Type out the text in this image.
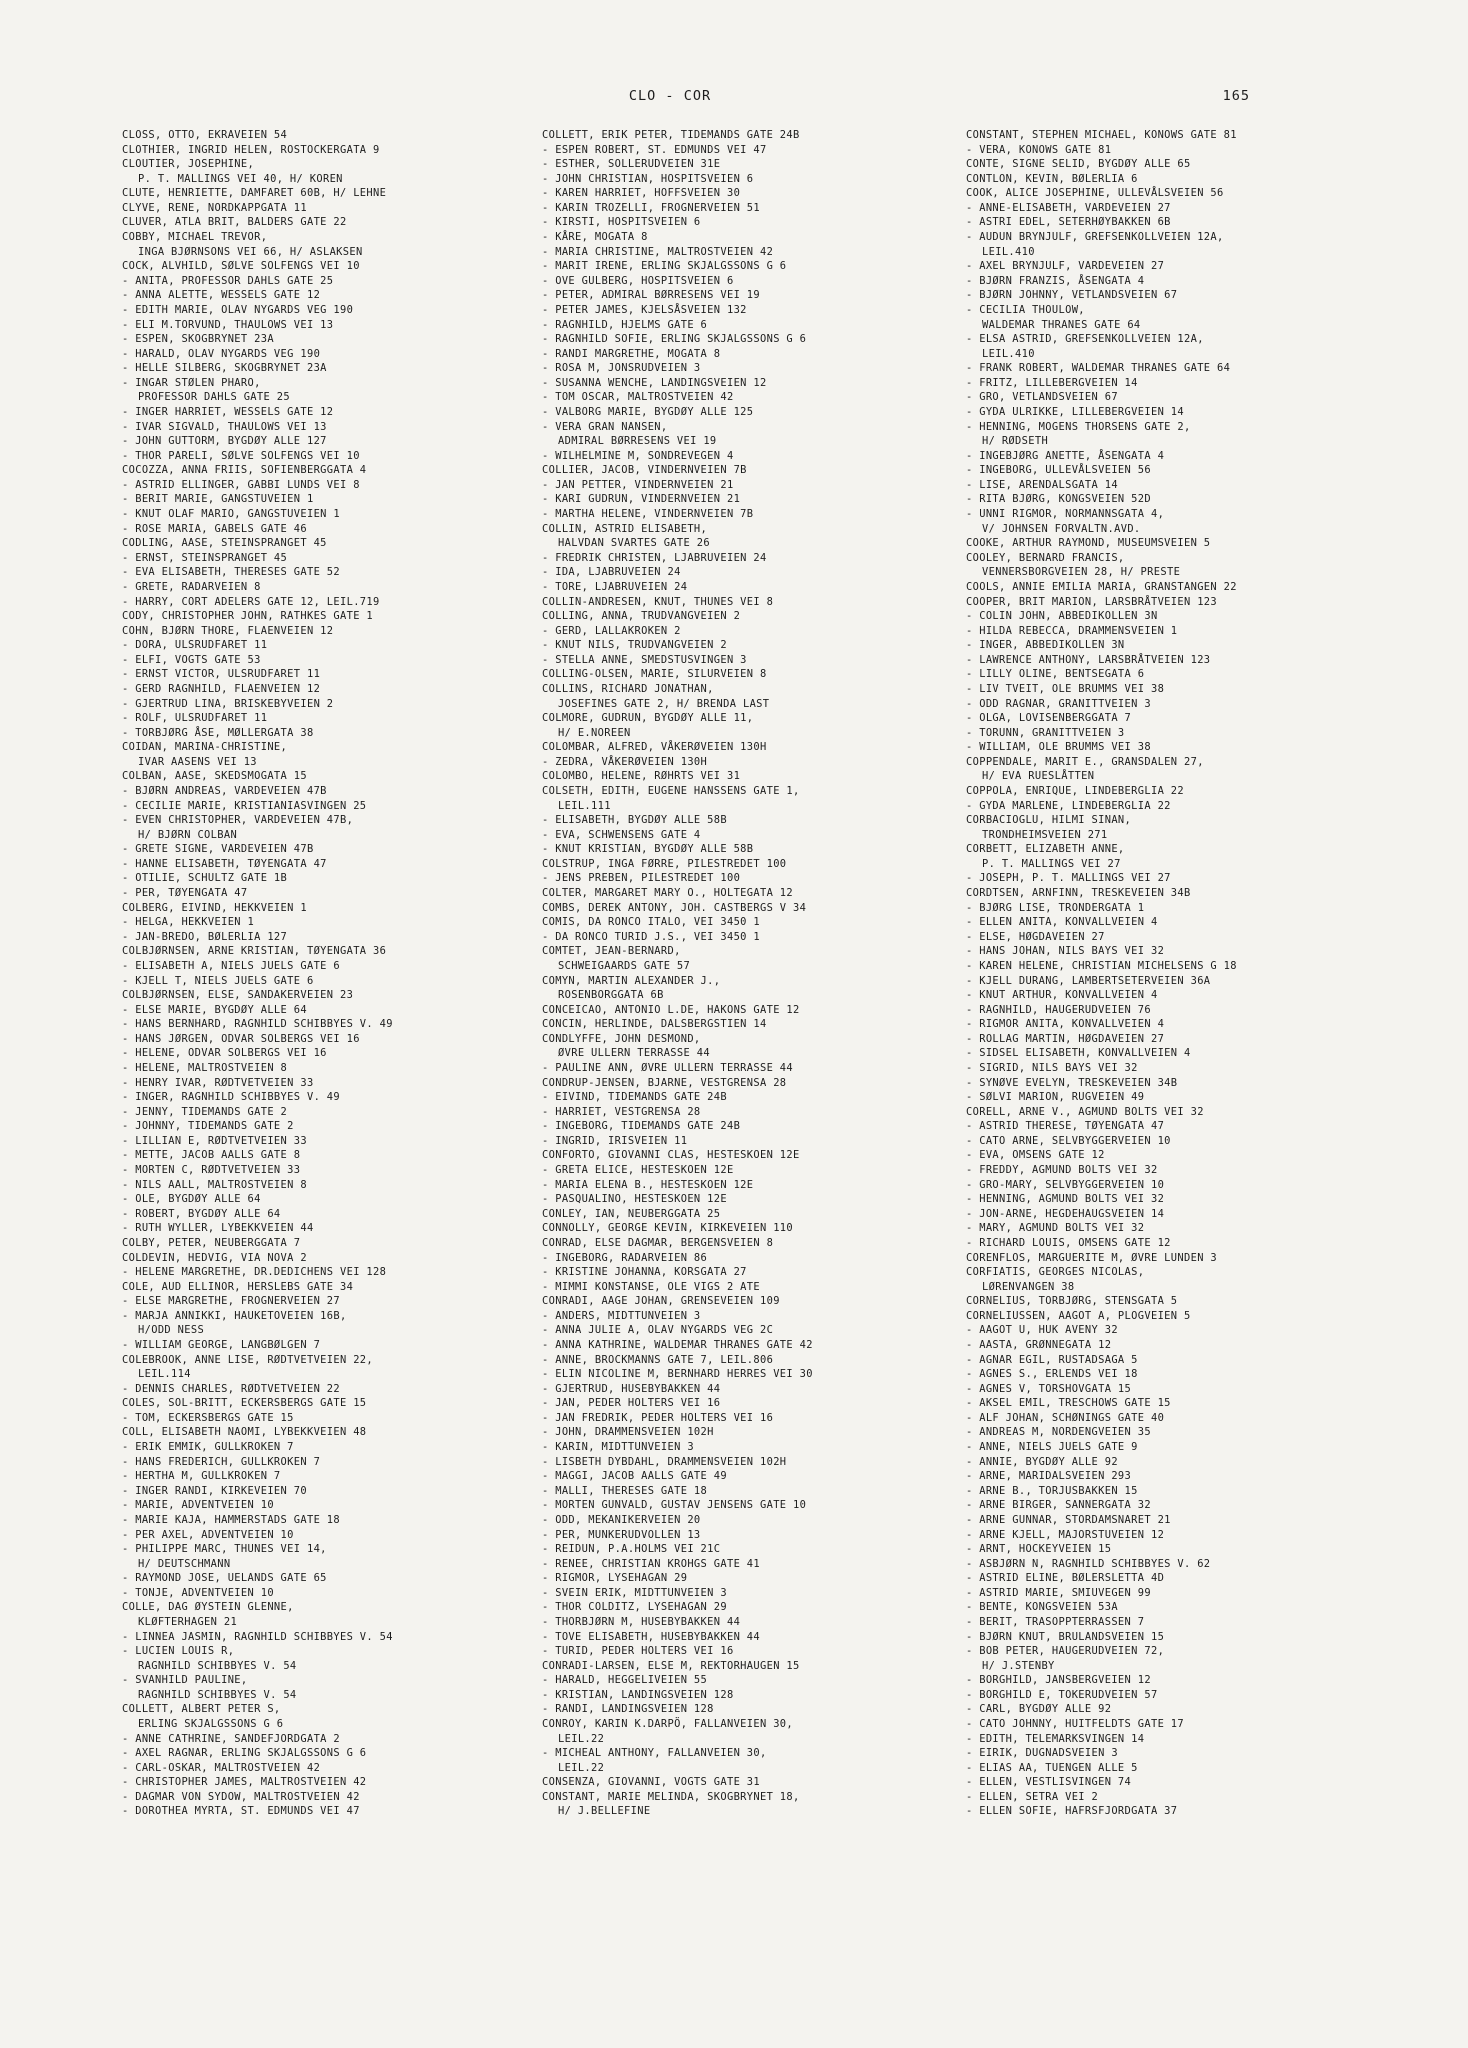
CLO - COR	165
CLOSS, OTTO, EKRAVEIEN 54
CLOTHIER, INGRID HELEN, ROSTOCKERGATA 9
CLOUTIER, JOSEPHINE,
P. T. MALLINGS VEI 40, H/ KOREN
CLUTE, HENRIETTE, DAMFARET 60B, H/ LEHNE
CLYVE, RENE, NORDKAPPGATA 11
CLUVER, ATLA BRIT, BALDERS GATE 22
COBBY, MICHAEL TREVOR,
INGA BJØRNSONS VEI 66, H/ ASLAKSEN
COCK, ALVHILD, SØLVE SOLFENGS VEI 10
- ANITA, PROFESSOR DAHLS GATE 25
- ANNA ALETTE, WESSELS GATE 12
- EDITH MARIE, OLAV NYGARDS VEG 190
- ELI M.TORVUND, THAULOWS VEI 13
- ESPEN, SKOGBRYNET 23A
- HARALD, OLAV NYGARDS VEG 190
- HELLE SILBERG, SKOGBRYNET 23A
- INGAR STØLEN PHARO,
PROFESSOR DAHLS GATE 25
- INGER HARRIET, WESSELS GATE 12
- IVAR SIGVALD, THAULOWS VEI 13
- JOHN GUTTORM, BYGDØY ALLE 127
- THOR PARELI, SØLVE SOLFENGS VEI 10
COCOZZA, ANNA FRIIS, SOFIENBERGGATA 4
- ASTRID ELLINGER, GABBI LUNDS VEI 8
- BERIT MARIE, GANGSTUVEIEN 1
- KNUT OLAF MARIO, GANGSTUVEIEN 1
- ROSE MARIA, GABELS GATE 46
CODLING, AASE, STEINSPRANGET 45
- ERNST, STEINSPRANGET 45
- EVA ELISABETH, THERESES GATE 52
- GRETE, RADARVEIEN 8
- HARRY, CORT ADELERS GATE 12, LEIL.719
CODY, CHRISTOPHER JOHN, RATHKES GATE 1
COHN, BJØRN THORE, FLAENVEIEN 12
- DORA, ULSRUDFARET 11
- ELFI, VOGTS GATE 53
- ERNST VICTOR, ULSRUDFARET 11
- GERD RAGNHILD, FLAENVEIEN 12
- GJERTRUD LINA, BRISKEBYVEIEN 2
- ROLF, ULSRUDFARET 11
- TORBJØRG ÅSE, MØLLERGATA 38
COIDAN, MARINA-CHRISTINE,
IVAR AASENS VEI 13
COLBAN, AASE, SKEDSMOGATA 15
- BJØRN ANDREAS, VARDEVEIEN 47B
- CECILIE MARIE, KRISTIANIASVINGEN 25
- EVEN CHRISTOPHER, VARDEVEIEN 47B,
H/ BJØRN COLBAN
- GRETE SIGNE, VARDEVEIEN 47B
- HANNE ELISABETH, TØYENGATA 47
- OTILIE, SCHULTZ GATE 1B
- PER, TØYENGATA 47
COLBERG, EIVIND, HEKKVEIEN 1
- HELGA, HEKKVEIEN 1
- JAN-BREDO, BØLERLIA 127
COLBJØRNSEN, ARNE KRISTIAN, TØYENGATA 36
- ELISABETH A, NIELS JUELS GATE 6
- KJELL T, NIELS JUELS GATE 6
COLBJØRNSEN, ELSE, SANDAKERVEIEN 23
- ELSE MARIE, BYGDØY ALLE 64
- HANS BERNHARD, RAGNHILD SCHIBBYES V. 49
- HANS JØRGEN, ODVAR SOLBERGS VEI 16
- HELENE, ODVAR SOLBERGS VEI 16
- HELENE, MALTROSTVEIEN 8
- HENRY IVAR, RØDTVETVEIEN 33
- INGER, RAGNHILD SCHIBBYES V. 49
- JENNY, TIDEMANDS GATE 2
- JOHNNY, TIDEMANDS GATE 2
- LILLIAN E, RØDTVETVEIEN 33
- METTE, JACOB AALLS GATE 8
- MORTEN C, RØDTVETVEIEN 33
- NILS AALL, MALTROSTVEIEN 8
- OLE, BYGDØY ALLE 64
- ROBERT, BYGDØY ALLE 64
- RUTH WYLLER, LYBEKKVEIEN 44
COLBY, PETER, NEUBERGGATA 7
COLDEVIN, HEDVIG, VIA NOVA 2
- HELENE MARGRETHE, DR.DEDICHENS VEI 128
COLE, AUD ELLINOR, HERSLEBS GATE 34
- ELSE MARGRETHE, FROGNERVEIEN 27
- MARJA ANNIKKI, HAUKETOVEIEN 16B,
H/ODD NESS
- WILLIAM GEORGE, LANGBØLGEN 7
COLEBROOK, ANNE LISE, RØDTVETVEIEN 22,
LEIL.114
- DENNIS CHARLES, RØDTVETVEIEN 22
COLES, SOL-BRITT, ECKERSBERGS GATE 15
- TOM, ECKERSBERGS GATE 15
COLL, ELISABETH NAOMI, LYBEKKVEIEN 48
- ERIK EMMIK, GULLKROKEN 7
- HANS FREDERICH, GULLKROKEN 7
- HERTHA M, GULLKROKEN 7
- INGER RANDI, KIRKEVEIEN 70
- MARIE, ADVENTVEIEN 10
- MARIE KAJA, HAMMERSTADS GATE 18
- PER AXEL, ADVENTVEIEN 10
- PHILIPPE MARC, THUNES VEI 14,
H/ DEUTSCHMANN
- RAYMOND JOSE, UELANDS GATE 65
- TONJE, ADVENTVEIEN 10
COLLE, DAG ØYSTEIN GLENNE,
KLØFTERHAGEN 21
- LINNEA JASMIN, RAGNHILD SCHIBBYES V. 54
- LUCIEN LOUIS R,
RAGNHILD SCHIBBYES V. 54
- SVANHILD PAULINE,
RAGNHILD SCHIBBYES V. 54
COLLETT, ALBERT PETER S,
ERLING SKJALGSSONS G 6
- ANNE CATHRINE, SANDEFJORDGATA 2
- AXEL RAGNAR, ERLING SKJALGSSONS G 6
- CARL-OSKAR, MALTROSTVEIEN 42
- CHRISTOPHER JAMES, MALTROSTVEIEN 42
- DAGMAR VON SYDOW, MALTROSTVEIEN 42
- DOROTHEA MYRTA, ST. EDMUNDS VEI 47
COLLETT, ERIK PETER, TIDEMANDS GATE 24B
- ESPEN ROBERT, ST. EDMUNDS VEI 47
- ESTHER, SOLLERUDVEIEN 31E
- JOHN CHRISTIAN, HOSPITSVEIEN 6
- KAREN HARRIET, HOFFSVEIEN 30
- KARIN TROZELLI, FROGNERVEIEN 51
- KIRSTI, HOSPITSVEIEN 6
- KÅRE, MOGATA 8
- MARIA CHRISTINE, MALTROSTVEIEN 42
- MARIT IRENE, ERLING SKJALGSSONS G 6
- OVE GULBERG, HOSPITSVEIEN 6
- PETER, ADMIRAL BØRRESENS VEI 19
- PETER JAMES, KJELSÅSVEIEN 132
- RAGNHILD, HJELMS GATE 6
- RAGNHILD SOFIE, ERLING SKJALGSSONS G 6
- RANDI MARGRETHE, MOGATA 8
- ROSA M, JONSRUDVEIEN 3
- SUSANNA WENCHE, LANDINGSVEIEN 12
- TOM OSCAR, MALTROSTVEIEN 42
- VALBORG MARIE, BYGDØY ALLE 125
- VERA GRAN NANSEN,
ADMIRAL BØRRESENS VEI 19
- WILHELMINE M, SONDREVEGEN 4
COLLIER, JACOB, VINDERNVEIEN 7B
- JAN PETTER, VINDERNVEIEN 21
- KARI GUDRUN, VINDERNVEIEN 21
- MARTHA HELENE, VINDERNVEIEN 7B
COLLIN, ASTRID ELISABETH,
HALVDAN SVARTES GATE 26
- FREDRIK CHRISTEN, LJABRUVEIEN 24
- IDA, LJABRUVEIEN 24
- TORE, LJABRUVEIEN 24
COLLIN-ANDRESEN, KNUT, THUNES VEI 8
COLLING, ANNA, TRUDVANGVEIEN 2
- GERD, LALLAKROKEN 2
- KNUT NILS, TRUDVANGVEIEN 2
- STELLA ANNE, SMEDSTUSVINGEN 3
COLLING-OLSEN, MARIE, SILURVEIEN 8
COLLINS, RICHARD JONATHAN,
JOSEFINES GATE 2, H/ BRENDA LAST
COLMORE, GUDRUN, BYGDØY ALLE 11,
H/ E.NOREEN
COLOMBAR, ALFRED, VÅKERØVEIEN 130H
- ZEDRA, VÅKERØVEIEN 130H
COLOMBO, HELENE, RØHRTS VEI 31
COLSETH, EDITH, EUGENE HANSSENS GATE 1,
LEIL.111
- ELISABETH, BYGDØY ALLE 58B
- EVA, SCHWENSENS GATE 4
- KNUT KRISTIAN, BYGDØY ALLE 58B
COLSTRUP, INGA FØRRE, PILESTREDET 100
- JENS PREBEN, PILESTREDET 100
COLTER, MARGARET MARY O., HOLTEGATA 12
COMBS, DEREK ANTONY, JOH. CASTBERGS V 34
COMIS, DA RONCO ITALO, VEI 3450 1
- DA RONCO TURID J.S., VEI 3450 1
COMTET, JEAN-BERNARD,
SCHWEIGAARDS GATE 57
COMYN, MARTIN ALEXANDER J.,
ROSENBORGGATA 6B
CONCEICAO, ANTONIO L.DE, HAKONS GATE 12
CONCIN, HERLINDE, DALSBERGSTIEN 14
CONDLYFFE, JOHN DESMOND,
ØVRE ULLERN TERRASSE 44
- PAULINE ANN, ØVRE ULLERN TERRASSE 44
CONDRUP-JENSEN, BJARNE, VESTGRENSA 28
- EIVIND, TIDEMANDS GATE 24B
- HARRIET, VESTGRENSA 28
- INGEBORG, TIDEMANDS GATE 24B
- INGRID, IRISVEIEN 11
CONFORTO, GIOVANNI CLAS, HESTESKOEN 12E
- GRETA ELICE, HESTESKOEN 12E
- MARIA ELENA B., HESTESKOEN 12E
- PASQUALINO, HESTESKOEN 12E
CONLEY, IAN, NEUBERGGATA 25
CONNOLLY, GEORGE KEVIN, KIRKEVEIEN 110
CONRAD, ELSE DAGMAR, BERGENSVEIEN 8
- INGEBORG, RADARVEIEN 86
- KRISTINE JOHANNA, KORSGATA 27
- MIMMI KONSTANSE, OLE VIGS 2 ATE
CONRADI, AAGE JOHAN, GRENSEVEIEN 109
- ANDERS, MIDTTUNVEIEN 3
- ANNA JULIE A, OLAV NYGARDS VEG 2C
- ANNA KATHRINE, WALDEMAR THRANES GATE 42
- ANNE, BROCKMANNS GATE 7, LEIL.806
- ELIN NICOLINE M, BERNHARD HERRES VEI 30
- GJERTRUD, HUSEBYBAKKEN 44
- JAN, PEDER HOLTERS VEI 16
- JAN FREDRIK, PEDER HOLTERS VEI 16
- JOHN, DRAMMENSVEIEN 102H
- KARIN, MIDTTUNVEIEN 3
- LISBETH DYBDAHL, DRAMMENSVEIEN 102H
- MAGGI, JACOB AALLS GATE 49
- MALLI, THERESES GATE 18
- MORTEN GUNVALD, GUSTAV JENSENS GATE 10
- ODD, MEKANIKERVEIEN 20
- PER, MUNKERUDVOLLEN 13
- REIDUN, P.A.HOLMS VEI 21C
- RENEE, CHRISTIAN KROHGS GATE 41
- RIGMOR, LYSEHAGAN 29
- SVEIN ERIK, MIDTTUNVEIEN 3
- THOR COLDITZ, LYSEHAGAN 29
- THORBJØRN M, HUSEBYBAKKEN 44
- TOVE ELISABETH, HUSEBYBAKKEN 44
- TURID, PEDER HOLTERS VEI 16
CONRADI-LARSEN, ELSE M, REKTORHAUGEN 15
- HARALD, HEGGELIVEIEN 55
- KRISTIAN, LANDINGSVEIEN 128
- RANDI, LANDINGSVEIEN 128
CONROY, KARIN K.DARPÖ, FALLANVEIEN 30,
LEIL.22
- MICHEAL ANTHONY, FALLANVEIEN 30,
LEIL.22
CONSENZA, GIOVANNI, VOGTS GATE 31
CONSTANT, MARIE MELINDA, SKOGBRYNET 18,
H/ J.BELLEFINE
CONSTANT, STEPHEN MICHAEL, KONOWS GATE 81
- VERA, KONOWS GATE 81
CONTE, SIGNE SELID, BYGDØY ALLE 65
CONTLON, KEVIN, BØLERLIA 6
COOK, ALICE JOSEPHINE, ULLEVÅLSVEIEN 56
- ANNE-ELISABETH, VARDEVEIEN 27
- ASTRI EDEL, SETERHØYBAKKEN 6B
- AUDUN BRYNJULF, GREFSENKOLLVEIEN 12A,
LEIL.410
- AXEL BRYNJULF, VARDEVEIEN 27
- BJØRN FRANZIS, ÅSENGATA 4
- BJØRN JOHNNY, VETLANDSVEIEN 67
- CECILIA THOULOW,
WALDEMAR THRANES GATE 64
- ELSA ASTRID, GREFSENKOLLVEIEN 12A,
LEIL.410
- FRANK ROBERT, WALDEMAR THRANES GATE 64
- FRITZ, LILLEBERGVEIEN 14
- GRO, VETLANDSVEIEN 67
- GYDA ULRIKKE, LILLEBERGVEIEN 14
- HENNING, MOGENS THORSENS GATE 2,
H/ RØDSETH
- INGEBJØRG ANETTE, ÅSENGATA 4
- INGEBORG, ULLEVÅLSVEIEN 56
- LISE, ARENDALSGATA 14
- RITA BJØRG, KONGSVEIEN 52D
- UNNI RIGMOR, NORMANNSGATA 4,
V/ JOHNSEN FORVALTN.AVD.
COOKE, ARTHUR RAYMOND, MUSEUMSVEIEN 5
COOLEY, BERNARD FRANCIS,
VENNERSBORGVEIEN 28, H/ PRESTE
COOLS, ANNIE EMILIA MARIA, GRANSTANGEN 22
COOPER, BRIT MARION, LARSBRÅTVEIEN 123
- COLIN JOHN, ABBEDIKOLLEN 3N
- HILDA REBECCA, DRAMMENSVEIEN 1
- INGER, ABBEDIKOLLEN 3N
- LAWRENCE ANTHONY, LARSBRÅTVEIEN 123
- LILLY OLINE, BENTSEGATA 6
- LIV TVEIT, OLE BRUMMS VEI 38
- ODD RAGNAR, GRANITTVEIEN 3
- OLGA, LOVISENBERGGATA 7
- TORUNN, GRANITTVEIEN 3
- WILLIAM, OLE BRUMMS VEI 38
COPPENDALE, MARIT E., GRANSDALEN 27,
H/ EVA RUESLÅTTEN
COPPOLA, ENRIQUE, LINDEBERGLIA 22
- GYDA MARLENE, LINDEBERGLIA 22
CORBACIOGLU, HILMI SINAN,
TRONDHEIMSVEIEN 271
CORBETT, ELIZABETH ANNE,
P. T. MALLINGS VEI 27
- JOSEPH, P. T. MALLINGS VEI 27
CORDTSEN, ARNFINN, TRESKEVEIEN 34B
- BJØRG LISE, TRONDERGATA 1
- ELLEN ANITA, KONVALLVEIEN 4
- ELSE, HØGDAVEIEN 27
- HANS JOHAN, NILS BAYS VEI 32
- KAREN HELENE, CHRISTIAN MICHELSENS G 18
- KJELL DURANG, LAMBERTSETERVEIEN 36A
- KNUT ARTHUR, KONVALLVEIEN 4
- RAGNHILD, HAUGERUDVEIEN 76
- RIGMOR ANITA, KONVALLVEIEN 4
- ROLLAG MARTIN, HØGDAVEIEN 27
- SIDSEL ELISABETH, KONVALLVEIEN 4
- SIGRID, NILS BAYS VEI 32
- SYNØVE EVELYN, TRESKEVEIEN 34B
- SØLVI MARION, RUGVEIEN 49
CORELL, ARNE V., AGMUND BOLTS VEI 32
- ASTRID THERESE, TØYENGATA 47
- CATO ARNE, SELVBYGGERVEIEN 10
- EVA, OMSENS GATE 12
- FREDDY, AGMUND BOLTS VEI 32
- GRO-MARY, SELVBYGGERVEIEN 10
- HENNING, AGMUND BOLTS VEI 32
- JON-ARNE, HEGDEHAUGSVEIEN 14
- MARY, AGMUND BOLTS VEI 32
- RICHARD LOUIS, OMSENS GATE 12
CORENFLOS, MARGUERITE M, ØVRE LUNDEN 3
CORFIATIS, GEORGES NICOLAS,
LØRENVANGEN 38
CORNELIUS, TORBJØRG, STENSGATA 5
CORNELIUSSEN, AAGOT A, PLOGVEIEN 5
- AAGOT U, HUK AVENY 32
- AASTA, GRØNNEGATA 12
- AGNAR EGIL, RUSTADSAGA 5
- AGNES S., ERLENDS VEI 18
- AGNES V, TORSHOVGATA 15
- AKSEL EMIL, TRESCHOWS GATE 15
- ALF JOHAN, SCHØNINGS GATE 40
- ANDREAS M, NORDENGVEIEN 35
- ANNE, NIELS JUELS GATE 9
- ANNIE, BYGDØY ALLE 92
- ARNE, MARIDALSVEIEN 293
- ARNE B., TORJUSBAKKEN 15
- ARNE BIRGER, SANNERGATA 32
- ARNE GUNNAR, STORDAMSNARET 21
- ARNE KJELL, MAJORSTUVEIEN 12
- ARNT, HOCKEYVEIEN 15
- ASBJØRN N, RAGNHILD SCHIBBYES V. 62
- ASTRID ELINE, BØLERSLETTA 4D
- ASTRID MARIE, SMIUVEGEN 99
- BENTE, KONGSVEIEN 53A
- BERIT, TRASOPPTERRASSEN 7
- BJØRN KNUT, BRULANDSVEIEN 15
- BOB PETER, HAUGERUDVEIEN 72,
H/ J.STENBY
- BORGHILD, JANSBERGVEIEN 12
- BORGHILD E, TOKERUDVEIEN 57
- CARL, BYGDØY ALLE 92
- CATO JOHNNY, HUITFELDTS GATE 17
- EDITH, TELEMARKSVINGEN 14
- EIRIK, DUGNADSVEIEN 3
- ELIAS AA, TUENGEN ALLE 5
- ELLEN, VESTLISVINGEN 74
- ELLEN, SETRA VEI 2
- ELLEN SOFIE, HAFRSFJORDGATA 37
